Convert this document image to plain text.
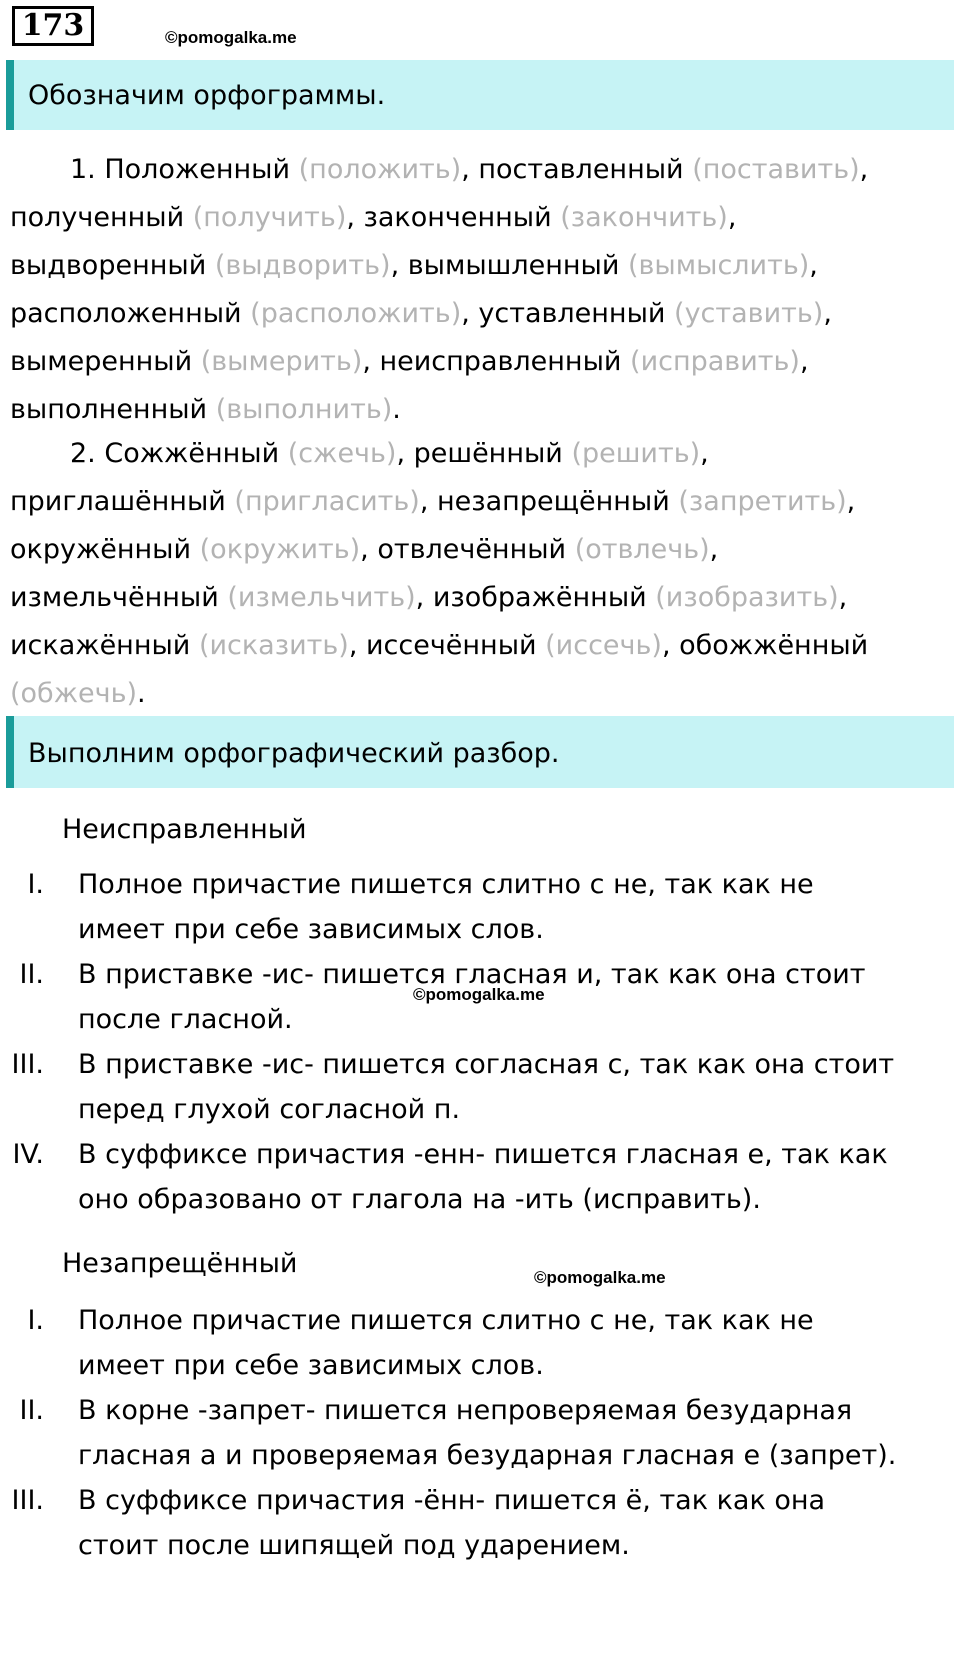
173	©pomogalka.me
Обозначим орфограммы.
1. Положенный (положить), поставленный (поставить),
полученный (получить), законченный (закончить),
выдворенный (выдворить), вымышленный (вымыслить),
расположенный (расположить), уставленный (уставить),
вымеренный (вымерить), неисправленный (исправить),
выполненный (выполнить).
2. Сожжённый (сжечь), решённый (решить),
приглашённый (пригласить), незапрещённый (запретить),
окружённый (окружить), отвлечённый (отвлечь),
измельчённый (измельчить), изображённый (изобразить),
искажённый (исказить), иссечённый (иссечь), обожжённый
(обжечь).
Выполним орфографический разбор.
Неисправленный
I. Полное причастие пишется слитно с не, так как не
имеет при себе зависимых слов.
II. В приставке -ис- пишется гласная и, так как она стоит
после гласной.
III. В приставке -ис- пишется согласная с, так как она стоит
перед глухой согласной п.
IV. В суффиксе причастия -енн- пишется гласная е, так как
оно образовано от глагола на -ить (исправить).
©pomogalka.me
Незапрещённый	©pomogalka.me
I. Полное причастие пишется слитно с не, так как не
имеет при себе зависимых слов.
II. В корне -запрет- пишется непроверяемая безударная
гласная а и проверяемая безударная гласная е (запрет).
III. В суффиксе причастия -ённ- пишется ё, так как она
стоит после шипящей под ударением.
